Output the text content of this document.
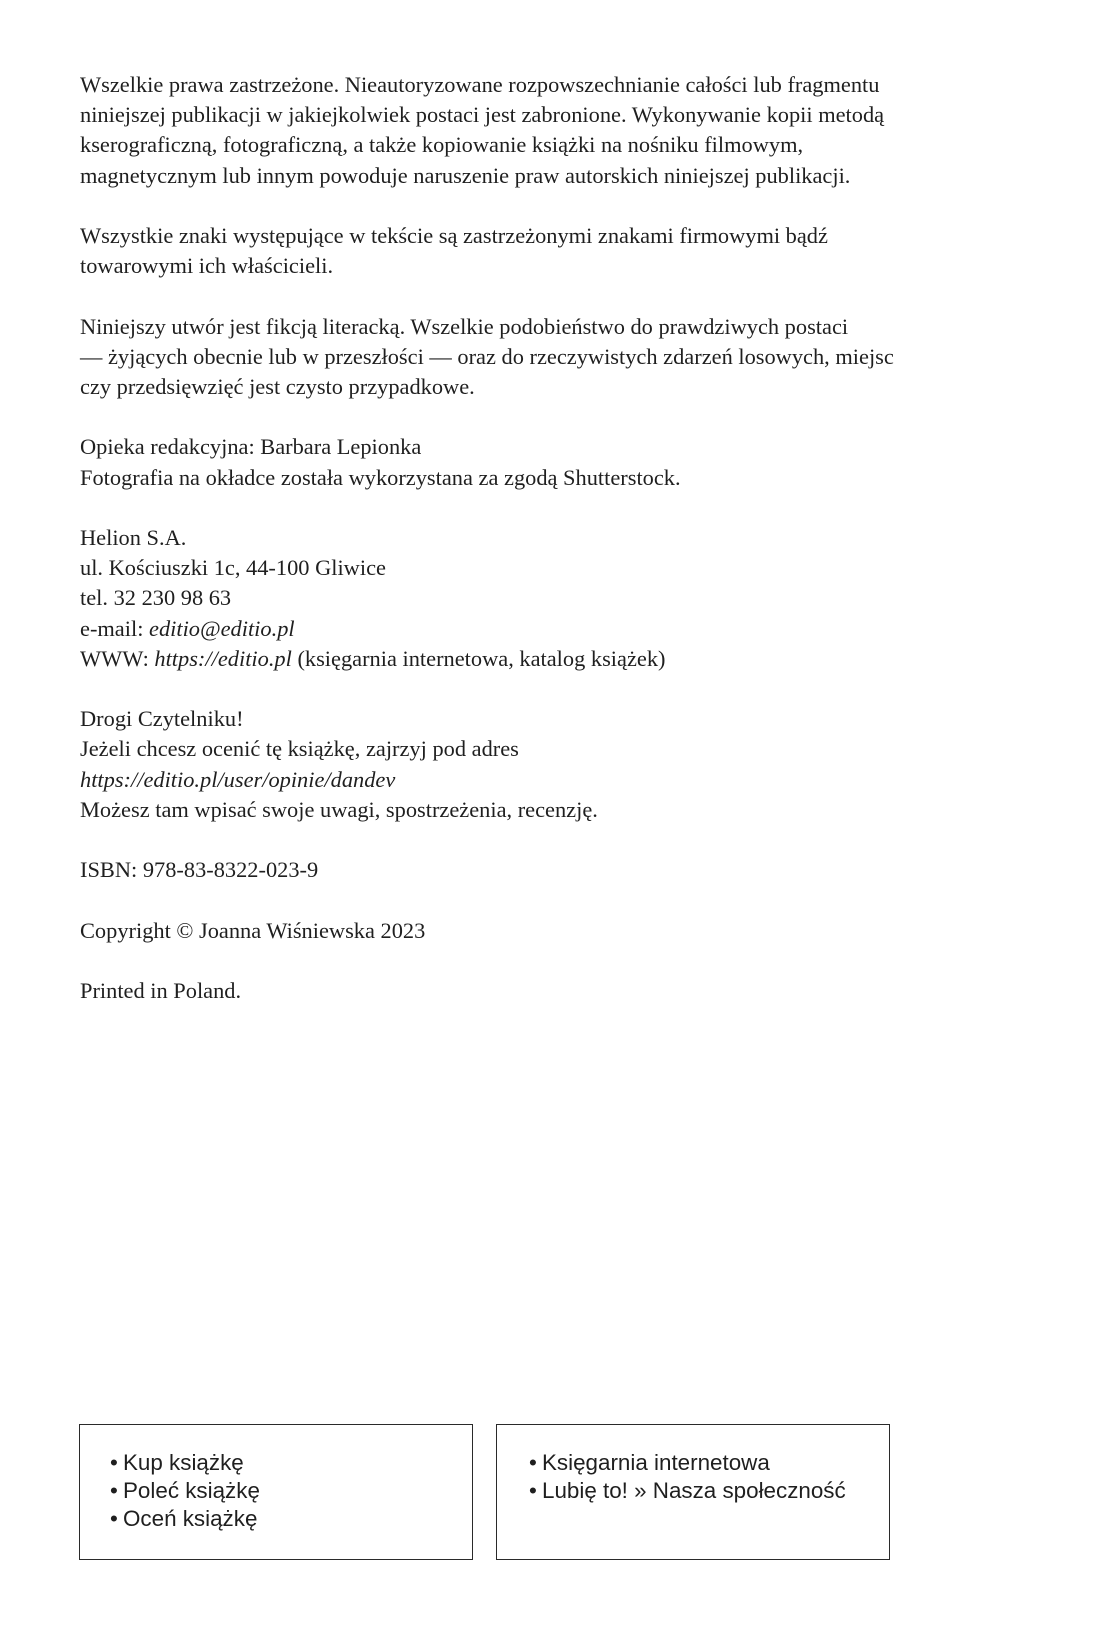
Wszelkie prawa zastrzeżone. Nieautoryzowane rozpowszechnianie całości lub fragmentu
niniejszej publikacji w jakiejkolwiek postaci jest zabronione. Wykonywanie kopii metodą
kserograficzną, fotograficzną, a także kopiowanie książki na nośniku filmowym,
magnetycznym lub innym powoduje naruszenie praw autorskich niniejszej publikacji.

Wszystkie znaki występujące w tekście są zastrzeżonymi znakami firmowymi bądź
towarowymi ich właścicieli.

Niniejszy utwór jest fikcją literacką. Wszelkie podobieństwo do prawdziwych postaci
— żyjących obecnie lub w przeszłości — oraz do rzeczywistych zdarzeń losowych, miejsc
czy przedsięwzięć jest czysto przypadkowe.

Opieka redakcyjna: Barbara Lepionka
Fotografia na okładce została wykorzystana za zgodą Shutterstock.

Helion S.A.
ul. Kościuszki 1c, 44-100 Gliwice
tel. 32 230 98 63
e-mail: editio@editio.pl
WWW: https://editio.pl (księgarnia internetowa, katalog książek)

Drogi Czytelniku!
Jeżeli chcesz ocenić tę książkę, zajrzyj pod adres
https://editio.pl/user/opinie/dandev
Możesz tam wpisać swoje uwagi, spostrzeżenia, recenzję.

ISBN: 978-83-8322-023-9

Copyright © Joanna Wiśniewska 2023

Printed in Poland.

• Kup książkę
• Poleć książkę
• Oceń książkę
• Księgarnia internetowa
• Lubię to! » Nasza społeczność
